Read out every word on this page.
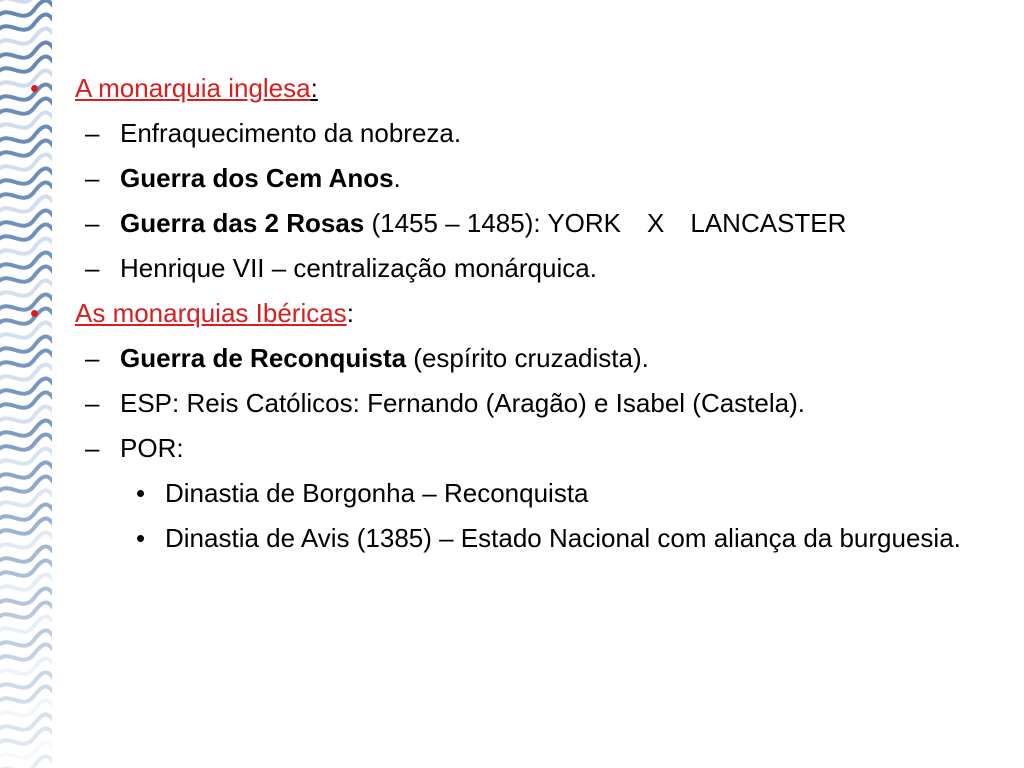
• A monarquia inglesa:
– Enfraquecimento da nobreza.
– Guerra dos Cem Anos.
– Guerra das 2 Rosas (1455 – 1485): YORK X LANCASTER
– Henrique VII – centralização monárquica.
• As monarquias Ibéricas:
– Guerra de Reconquista (espírito cruzadista).
– ESP: Reis Católicos: Fernando (Aragão) e Isabel (Castela).
– POR:
• Dinastia de Borgonha – Reconquista
• Dinastia de Avis (1385) – Estado Nacional com aliança da burguesia.
